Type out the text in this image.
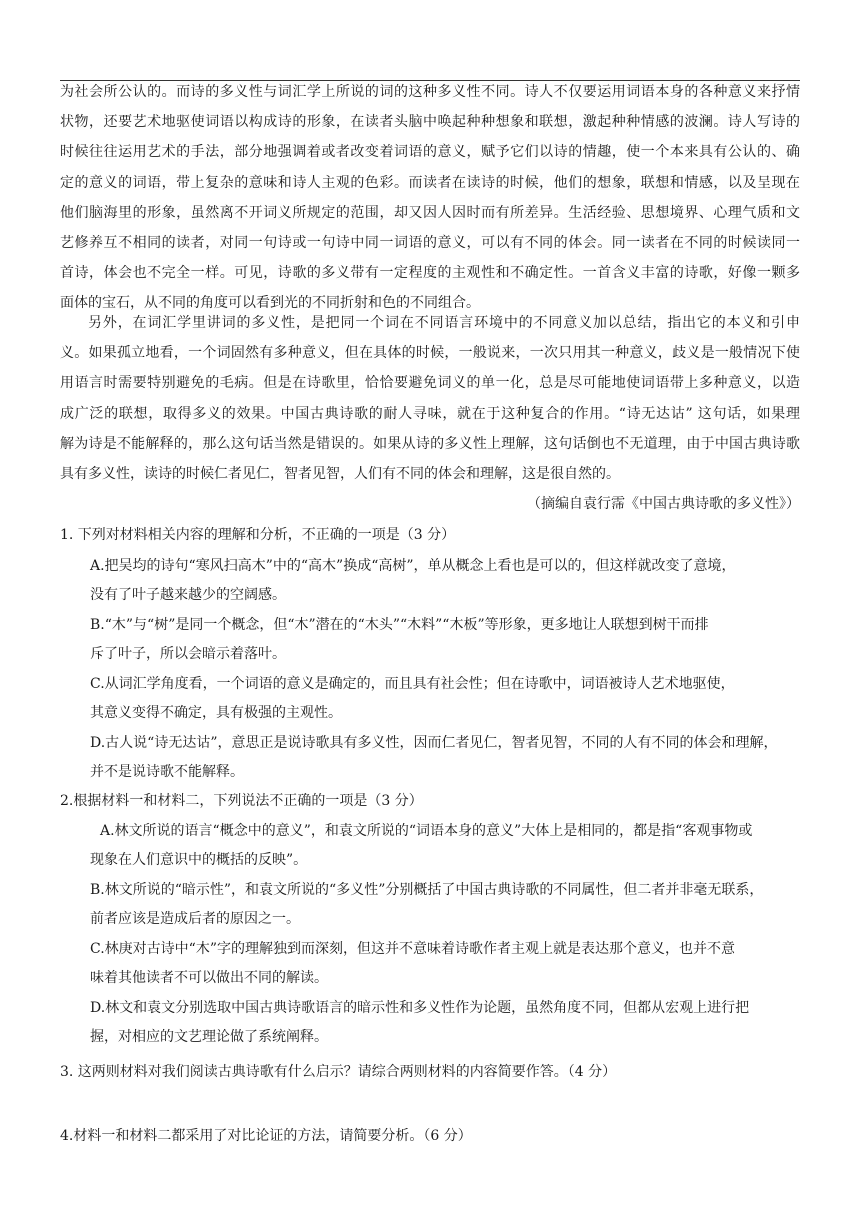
为社会所公认的。而诗的多义性与词汇学上所说的词的这种多义性不同。诗人不仅要运用词语本身的各种意义来抒情
状物，还要艺术地驱使词语以构成诗的形象，在读者头脑中唤起种种想象和联想，激起种种情感的波澜。诗人写诗的
时候往往运用艺术的手法，部分地强调着或者改变着词语的意义，赋予它们以诗的情趣，使一个本来具有公认的、确
定的意义的词语，带上复杂的意味和诗人主观的色彩。而读者在读诗的时候，他们的想象，联想和情感，以及呈现在
他们脑海里的形象，虽然离不开词义所规定的范围，却又因人因时而有所差异。生活经验、思想境界、心理气质和文
艺修养互不相同的读者，对同一句诗或一句诗中同一词语的意义，可以有不同的体会。同一读者在不同的时候读同一
首诗，体会也不完全一样。可见，诗歌的多义带有一定程度的主观性和不确定性。一首含义丰富的诗歌，好像一颗多
面体的宝石，从不同的角度可以看到光的不同折射和色的不同组合。
另外，在词汇学里讲词的多义性，是把同一个词在不同语言环境中的不同意义加以总结，指出它的本义和引申
义。如果孤立地看，一个词固然有多种意义，但在具体的时候，一般说来，一次只用其一种意义，歧义是一般情况下使
用语言时需要特别避免的毛病。但是在诗歌里，恰恰要避免词义的单一化，总是尽可能地使词语带上多种意义，以造
成广泛的联想，取得多义的效果。中国古典诗歌的耐人寻味，就在于这种复合的作用。“诗无达诂” 这句话，如果理
解为诗是不能解释的，那么这句话当然是错误的。如果从诗的多义性上理解，这句话倒也不无道理，由于中国古典诗歌
具有多义性，读诗的时候仁者见仁，智者见智，人们有不同的体会和理解，这是很自然的。
（摘编自袁行霈《中国古典诗歌的多义性》）
1. 下列对材料相关内容的理解和分析，不正确的一项是（3 分）
A.把吴均的诗句“寒风扫高木”中的“高木”换成“高树”，单从概念上看也是可以的，但这样就改变了意境，
没有了叶子越来越少的空阔感。
B.“木”与“树”是同一个概念，但“木”潜在的“木头”“木料”“木板”等形象，更多地让人联想到树干而排
斥了叶子，所以会暗示着落叶。
C.从词汇学角度看，一个词语的意义是确定的，而且具有社会性；但在诗歌中，词语被诗人艺术地驱使，
其意义变得不确定，具有极强的主观性。
D.古人说“诗无达诂”，意思正是说诗歌具有多义性，因而仁者见仁，智者见智，不同的人有不同的体会和理解，
并不是说诗歌不能解释。
2.根据材料一和材料二，下列说法不正确的一项是（3 分）
A.林文所说的语言“概念中的意义”，和袁文所说的“词语本身的意义”大体上是相同的，都是指“客观事物或
现象在人们意识中的概括的反映”。
B.林文所说的“暗示性”，和袁文所说的“多义性”分别概括了中国古典诗歌的不同属性，但二者并非毫无联系，
前者应该是造成后者的原因之一。
C.林庚对古诗中“木”字的理解独到而深刻，但这并不意味着诗歌作者主观上就是表达那个意义，也并不意
味着其他读者不可以做出不同的解读。
D.林文和袁文分别选取中国古典诗歌语言的暗示性和多义性作为论题，虽然角度不同，但都从宏观上进行把
握，对相应的文艺理论做了系统阐释。
3. 这两则材料对我们阅读古典诗歌有什么启示？请综合两则材料的内容简要作答。（4 分）
4.材料一和材料二都采用了对比论证的方法，请简要分析。（6 分）
